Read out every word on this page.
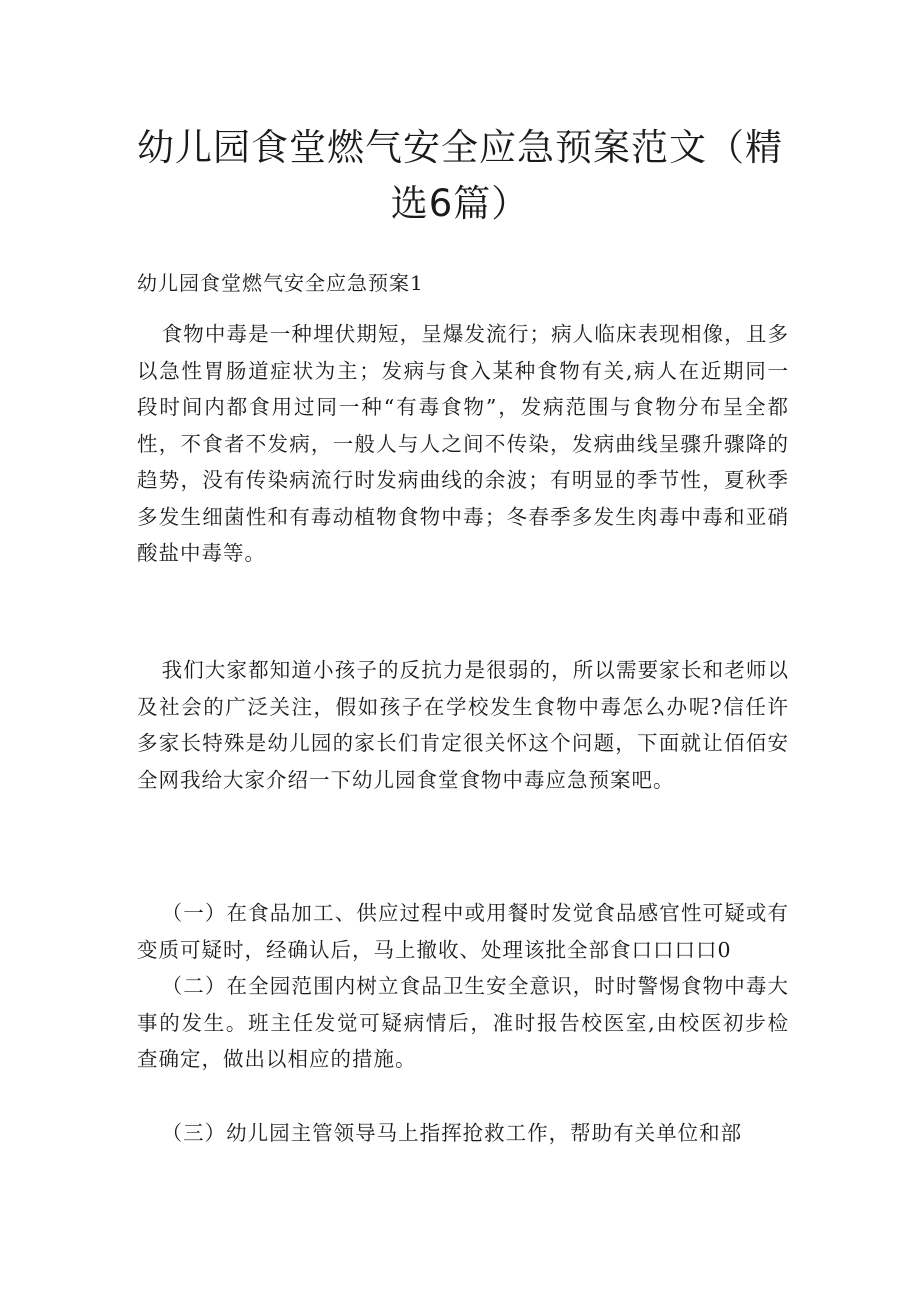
幼儿园食堂燃气安全应急预案范文（精选6篇）
幼儿园食堂燃气安全应急预案1

食物中毒是一种埋伏期短，呈爆发流行；病人临床表现相像，且多以急性胃肠道症状为主；发病与食入某种食物有关,病人在近期同一段时间内都食用过同一种“有毒食物”，发病范围与食物分布呈全都性，不食者不发病，一般人与人之间不传染，发病曲线呈骤升骤降的趋势，没有传染病流行时发病曲线的余波；有明显的季节性，夏秋季多发生细菌性和有毒动植物食物中毒；冬春季多发生肉毒中毒和亚硝酸盐中毒等。

我们大家都知道小孩子的反抗力是很弱的，所以需要家长和老师以及社会的广泛关注，假如孩子在学校发生食物中毒怎么办呢?信任许多家长特殊是幼儿园的家长们肯定很关怀这个问题，下面就让佰佰安全网我给大家介绍一下幼儿园食堂食物中毒应急预案吧。

（一）在食品加工、供应过程中或用餐时发觉食品感官性可疑或有变质可疑时，经确认后，马上撤收、处理该批全部食口口口口0

（二）在全园范围内树立食品卫生安全意识，时时警惕食物中毒大事的发生。班主任发觉可疑病情后，准时报告校医室,由校医初步检查确定，做出以相应的措施。

（三）幼儿园主管领导马上指挥抢救工作，帮助有关单位和部
